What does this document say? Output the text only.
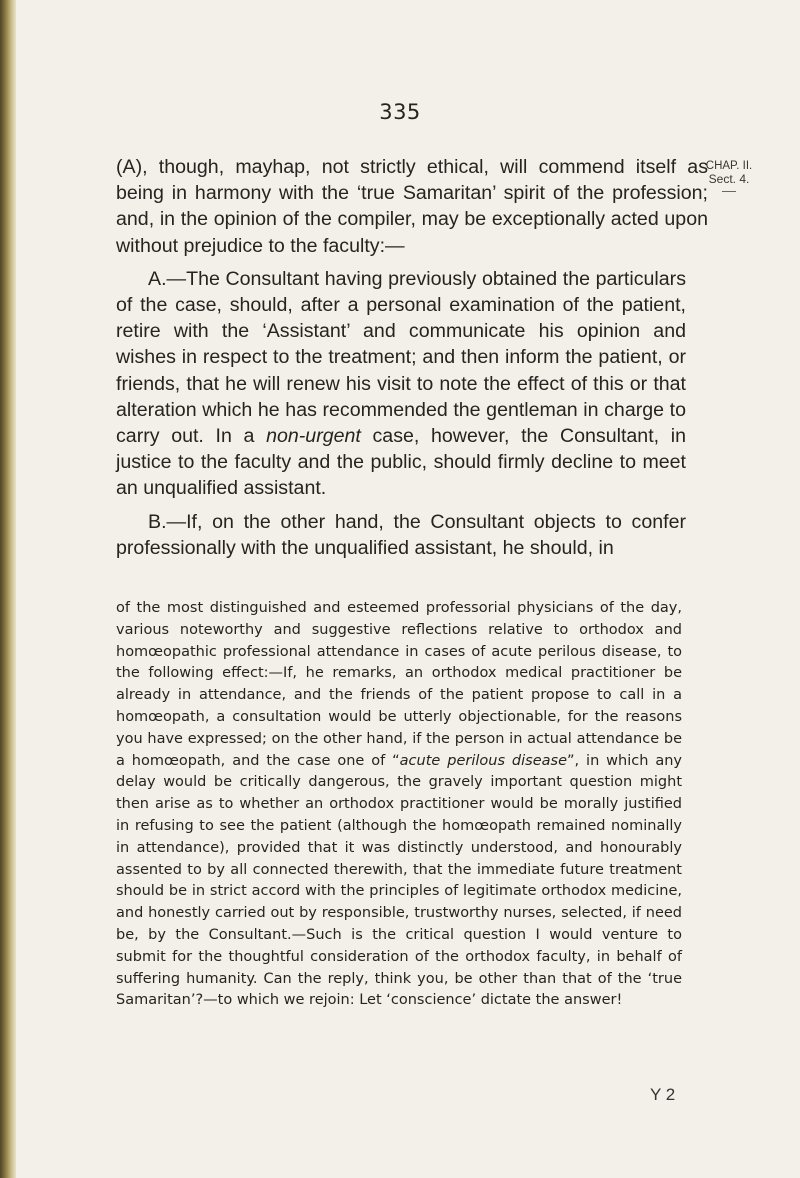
335
CHAP. II.
Sect. 4.

(A), though, mayhap, not strictly ethical, will commend itself as being in harmony with the ‘true Samaritan’ spirit of the profession; and, in the opinion of the compiler, may be exceptionally acted upon without prejudice to the faculty:—

A.—The Consultant having previously obtained the particulars of the case, should, after a personal examination of the patient, retire with the ‘Assistant’ and communicate his opinion and wishes in respect to the treatment; and then inform the patient, or friends, that he will renew his visit to note the effect of this or that alteration which he has recommended the gentleman in charge to carry out. In a non-urgent case, however, the Consultant, in justice to the faculty and the public, should firmly decline to meet an unqualified assistant.

B.—If, on the other hand, the Consultant objects to confer professionally with the unqualified assistant, he should, in

of the most distinguished and esteemed professorial physicians of the day, various noteworthy and suggestive reflections relative to orthodox and homœopathic professional attendance in cases of acute perilous disease, to the following effect:—If, he remarks, an orthodox medical practitioner be already in attendance, and the friends of the patient propose to call in a homœopath, a consultation would be utterly objectionable, for the reasons you have expressed; on the other hand, if the person in actual attendance be a homœopath, and the case one of “acute perilous disease”, in which any delay would be critically dangerous, the gravely important question might then arise as to whether an orthodox practitioner would be morally justified in refusing to see the patient (although the homœopath remained nominally in attendance), provided that it was distinctly understood, and honourably assented to by all connected therewith, that the immediate future treatment should be in strict accord with the principles of legitimate orthodox medicine, and honestly carried out by responsible, trustworthy nurses, selected, if need be, by the Consultant.—Such is the critical question I would venture to submit for the thoughtful consideration of the orthodox faculty, in behalf of suffering humanity. Can the reply, think you, be other than that of the ‘true Samaritan’?—to which we rejoin: Let ‘conscience’ dictate the answer!

Y 2
